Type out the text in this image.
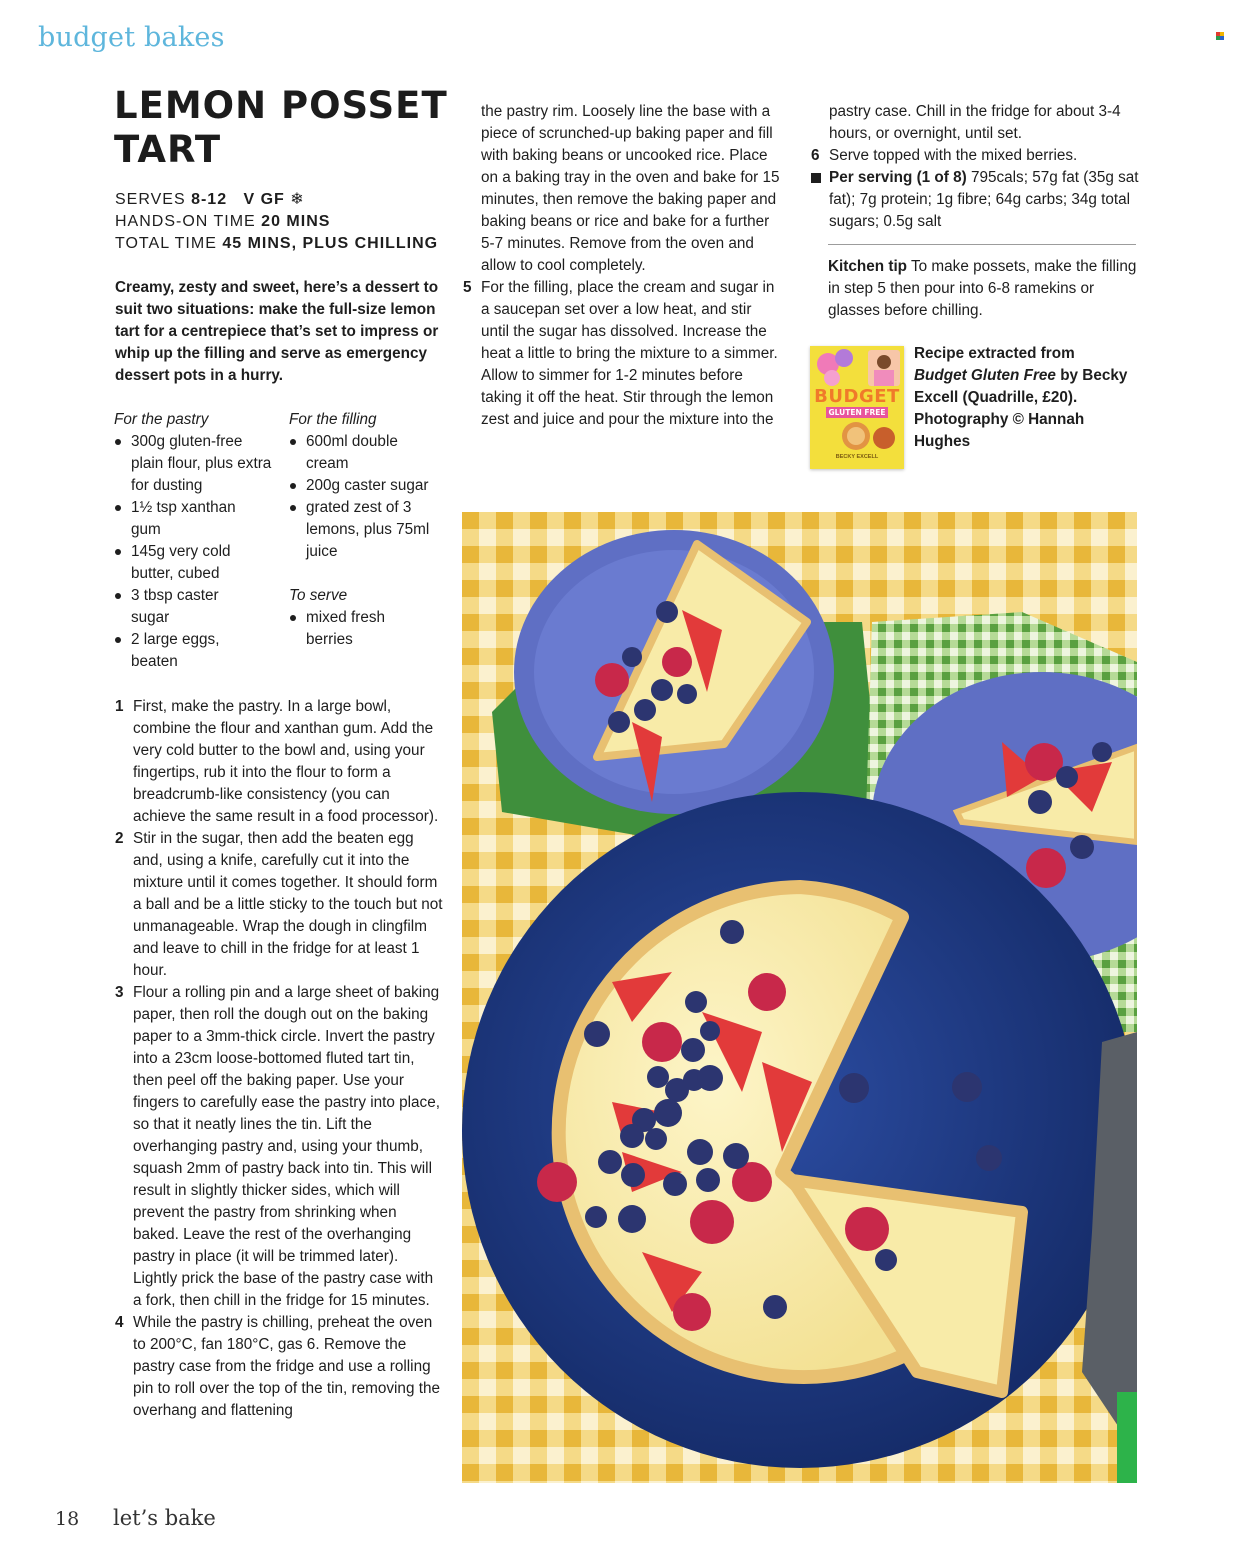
budget bakes
LEMON POSSET
TART
SERVES 8-12 V GF ❄
HANDS-ON TIME 20 MINS
TOTAL TIME 45 MINS, PLUS CHILLING
Creamy, zesty and sweet, here’s a dessert to suit two situations: make the full-size lemon tart for a centrepiece that’s set to impress or whip up the filling and serve as emergency dessert pots in a hurry.
For the pastry
300g gluten-free plain flour, plus extra for dusting
1½ tsp xanthan gum
145g very cold butter, cubed
3 tbsp caster sugar
2 large eggs, beaten
For the filling
600ml double cream
200g caster sugar
grated zest of 3 lemons, plus 75ml juice
To serve
mixed fresh berries
1 First, make the pastry. In a large bowl, combine the flour and xanthan gum. Add the very cold butter to the bowl and, using your fingertips, rub it into the flour to form a breadcrumb-like consistency (you can achieve the same result in a food processor).
2 Stir in the sugar, then add the beaten egg and, using a knife, carefully cut it into the mixture until it comes together. It should form a ball and be a little sticky to the touch but not unmanageable. Wrap the dough in clingfilm and leave to chill in the fridge for at least 1 hour.
3 Flour a rolling pin and a large sheet of baking paper, then roll the dough out on the baking paper to a 3mm-thick circle. Invert the pastry into a 23cm loose-bottomed fluted tart tin, then peel off the baking paper. Use your fingers to carefully ease the pastry into place, so that it neatly lines the tin. Lift the overhanging pastry and, using your thumb, squash 2mm of pastry back into tin. This will result in slightly thicker sides, which will prevent the pastry from shrinking when baked. Leave the rest of the overhanging pastry in place (it will be trimmed later). Lightly prick the base of the pastry case with a fork, then chill in the fridge for 15 minutes.
4 While the pastry is chilling, preheat the oven to 200°C, fan 180°C, gas 6. Remove the pastry case from the fridge and use a rolling pin to roll over the top of the tin, removing the overhang and flattening
the pastry rim. Loosely line the base with a piece of scrunched-up baking paper and fill with baking beans or uncooked rice. Place on a baking tray in the oven and bake for 15 minutes, then remove the baking paper and baking beans or rice and bake for a further 5-7 minutes. Remove from the oven and allow to cool completely.
5 For the filling, place the cream and sugar in a saucepan set over a low heat, and stir until the sugar has dissolved. Increase the heat a little to bring the mixture to a simmer. Allow to simmer for 1-2 minutes before taking it off the heat. Stir through the lemon zest and juice and pour the mixture into the
pastry case. Chill in the fridge for about 3-4 hours, or overnight, until set.
6 Serve topped with the mixed berries.
Per serving (1 of 8) 795cals; 57g fat (35g sat fat); 7g protein; 1g fibre; 64g carbs; 34g total sugars; 0.5g salt
Kitchen tip To make possets, make the filling in step 5 then pour into 6-8 ramekins or glasses before chilling.
BUDGET
GLUTEN FREE
BECKY EXCELL
Recipe extracted from
Budget Gluten Free by Becky Excell (Quadrille, £20). Photography © Hannah Hughes
18 let’s bake
